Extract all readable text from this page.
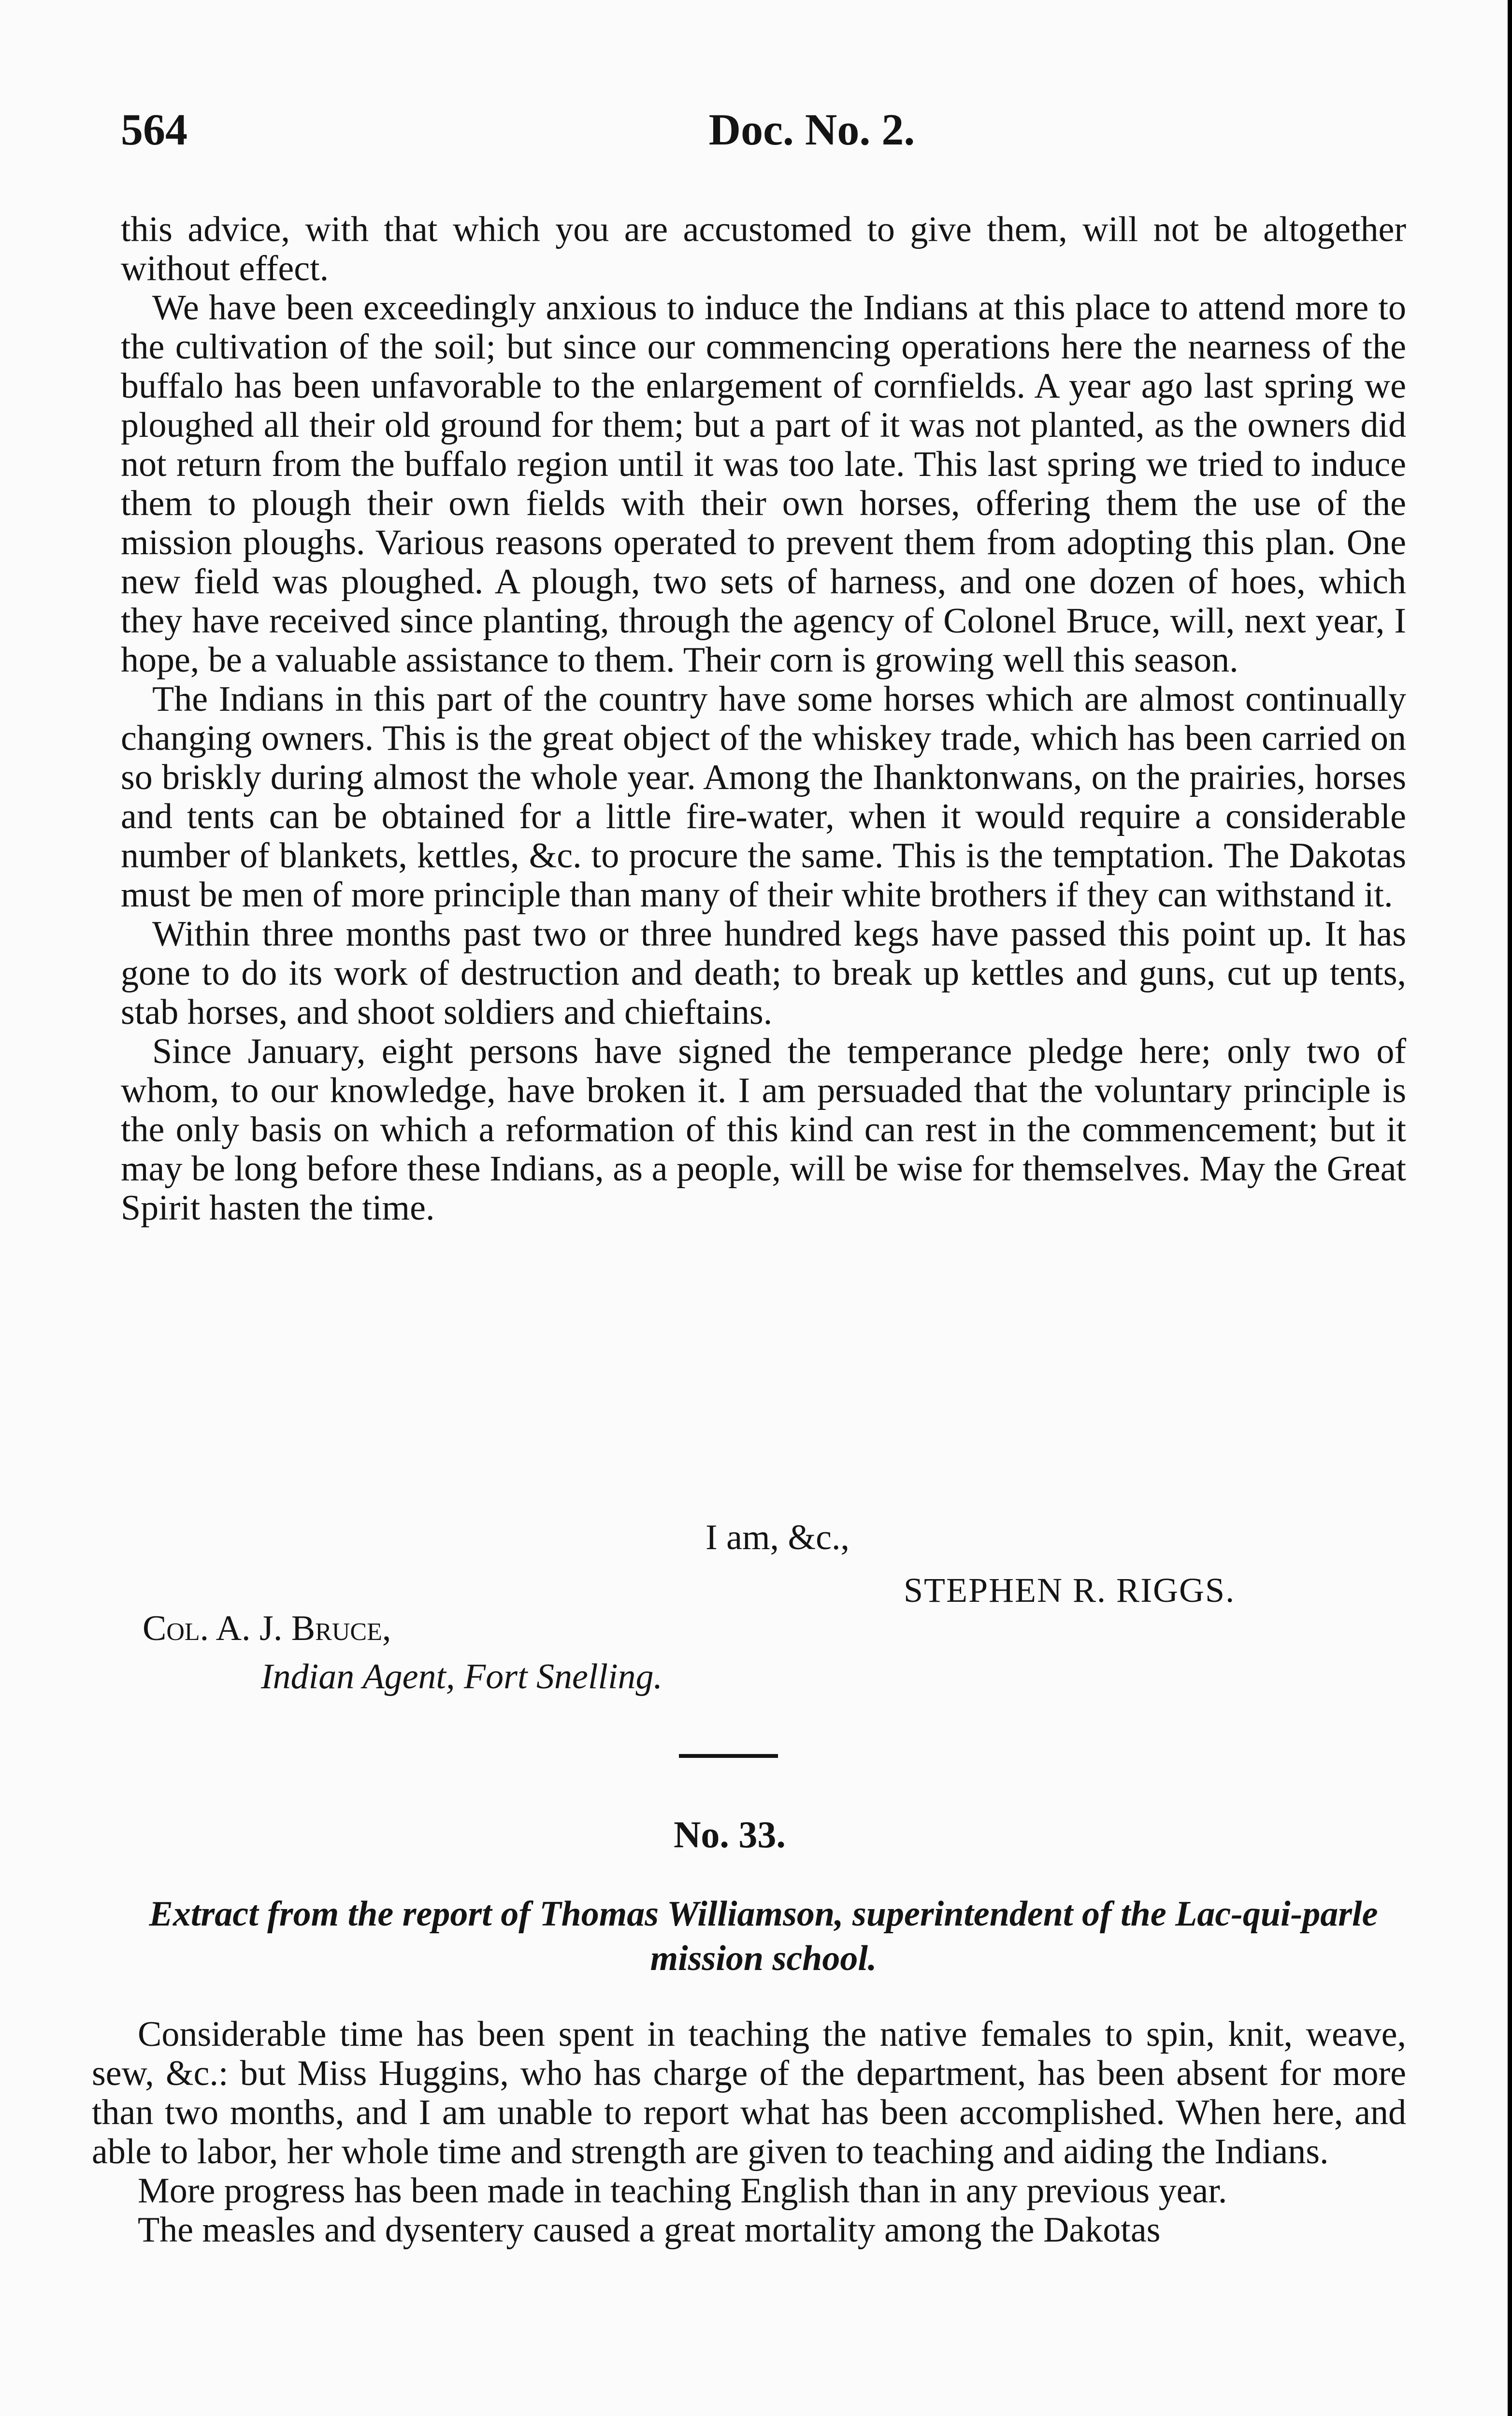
564	Doc. No. 2.

this advice, with that which you are accustomed to give them, will not be altogether without effect.

We have been exceedingly anxious to induce the Indians at this place to attend more to the cultivation of the soil; but since our commencing operations here the nearness of the buffalo has been unfavorable to the enlargement of cornfields. A year ago last spring we ploughed all their old ground for them; but a part of it was not planted, as the owners did not return from the buffalo region until it was too late. This last spring we tried to induce them to plough their own fields with their own horses, offering them the use of the mission ploughs. Various reasons operated to prevent them from adopting this plan. One new field was ploughed. A plough, two sets of harness, and one dozen of hoes, which they have received since planting, through the agency of Colonel Bruce, will, next year, I hope, be a valuable assistance to them. Their corn is growing well this season.

The Indians in this part of the country have some horses which are almost continually changing owners. This is the great object of the whiskey trade, which has been carried on so briskly during almost the whole year. Among the Ihanktonwans, on the prairies, horses and tents can be obtained for a little fire-water, when it would require a considerable number of blankets, kettles, &c. to procure the same. This is the temptation. The Dakotas must be men of more principle than many of their white brothers if they can withstand it.

Within three months past two or three hundred kegs have passed this point up. It has gone to do its work of destruction and death; to break up kettles and guns, cut up tents, stab horses, and shoot soldiers and chieftains.

Since January, eight persons have signed the temperance pledge here; only two of whom, to our knowledge, have broken it. I am persuaded that the voluntary principle is the only basis on which a reformation of this kind can rest in the commencement; but it may be long before these Indians, as a people, will be wise for themselves. May the Great Spirit hasten the time.

I am, &c.,
STEPHEN R. RIGGS.
Col. A. J. Bruce,
Indian Agent, Fort Snelling.
No. 33.
Extract from the report of Thomas Williamson, superintendent of the Lac-qui-parle mission school.

Considerable time has been spent in teaching the native females to spin, knit, weave, sew, &c.: but Miss Huggins, who has charge of the department, has been absent for more than two months, and I am unable to report what has been accomplished. When here, and able to labor, her whole time and strength are given to teaching and aiding the Indians.

More progress has been made in teaching English than in any previous year.

The measles and dysentery caused a great mortality among the Dakotas
